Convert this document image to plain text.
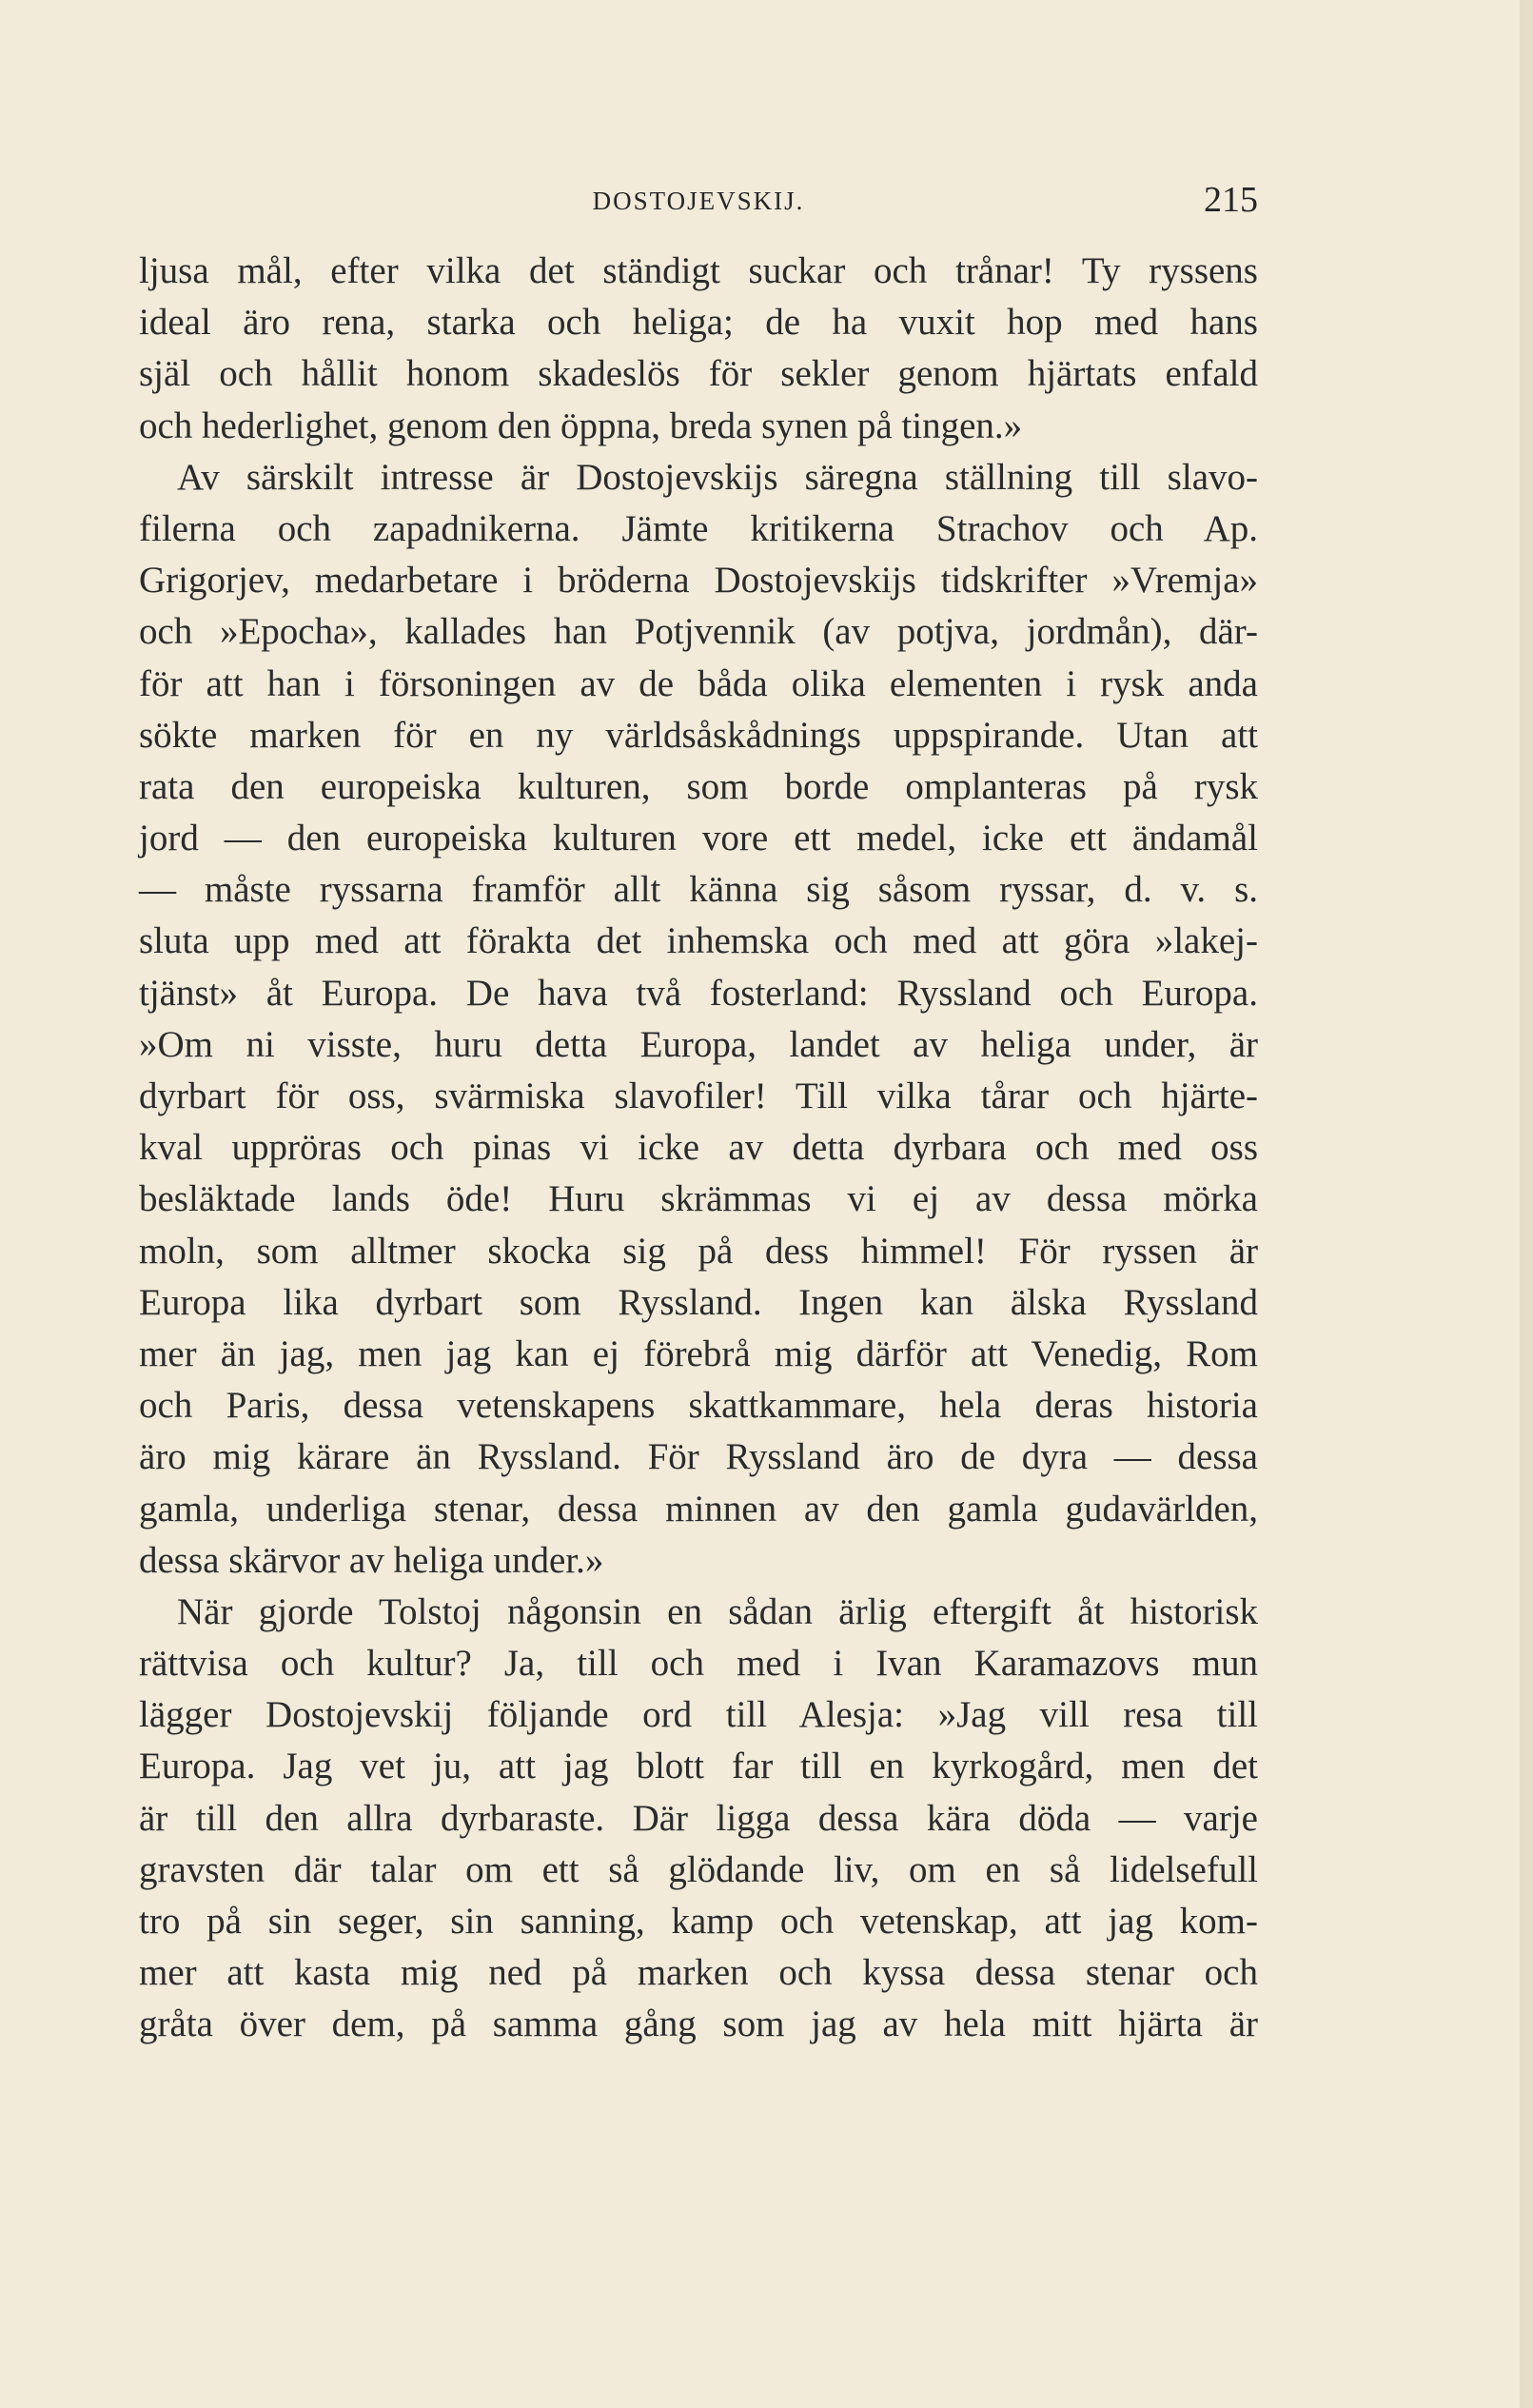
DOSTOJEVSKIJ.	215
ljusa mål, efter vilka det ständigt suckar och trånar! Ty ryssens
ideal äro rena, starka och heliga; de ha vuxit hop med hans
själ och hållit honom skadeslös för sekler genom hjärtats enfald
och hederlighet, genom den öppna, breda synen på tingen.»
Av särskilt intresse är Dostojevskijs säregna ställning till slavo-
filerna och zapadnikerna. Jämte kritikerna Strachov och Ap.
Grigorjev, medarbetare i bröderna Dostojevskijs tidskrifter »Vremja»
och »Epocha», kallades han Potjvennik (av potjva, jordmån), där-
för att han i försoningen av de båda olika elementen i rysk anda
sökte marken för en ny världsåskådnings uppspirande. Utan att
rata den europeiska kulturen, som borde omplanteras på rysk
jord — den europeiska kulturen vore ett medel, icke ett ändamål
— måste ryssarna framför allt känna sig såsom ryssar, d. v. s.
sluta upp med att förakta det inhemska och med att göra »lakej-
tjänst» åt Europa. De hava två fosterland: Ryssland och Europa.
»Om ni visste, huru detta Europa, landet av heliga under, är
dyrbart för oss, svärmiska slavofiler! Till vilka tårar och hjärte-
kval uppröras och pinas vi icke av detta dyrbara och med oss
besläktade lands öde! Huru skrämmas vi ej av dessa mörka
moln, som alltmer skocka sig på dess himmel! För ryssen är
Europa lika dyrbart som Ryssland. Ingen kan älska Ryssland
mer än jag, men jag kan ej förebrå mig därför att Venedig, Rom
och Paris, dessa vetenskapens skattkammare, hela deras historia
äro mig kärare än Ryssland. För Ryssland äro de dyra — dessa
gamla, underliga stenar, dessa minnen av den gamla gudavärlden,
dessa skärvor av heliga under.»
När gjorde Tolstoj någonsin en sådan ärlig eftergift åt historisk
rättvisa och kultur? Ja, till och med i Ivan Karamazovs mun
lägger Dostojevskij följande ord till Alesja: »Jag vill resa till
Europa. Jag vet ju, att jag blott far till en kyrkogård, men det
är till den allra dyrbaraste. Där ligga dessa kära döda — varje
gravsten där talar om ett så glödande liv, om en så lidelsefull
tro på sin seger, sin sanning, kamp och vetenskap, att jag kom-
mer att kasta mig ned på marken och kyssa dessa stenar och
gråta över dem, på samma gång som jag av hela mitt hjärta är
